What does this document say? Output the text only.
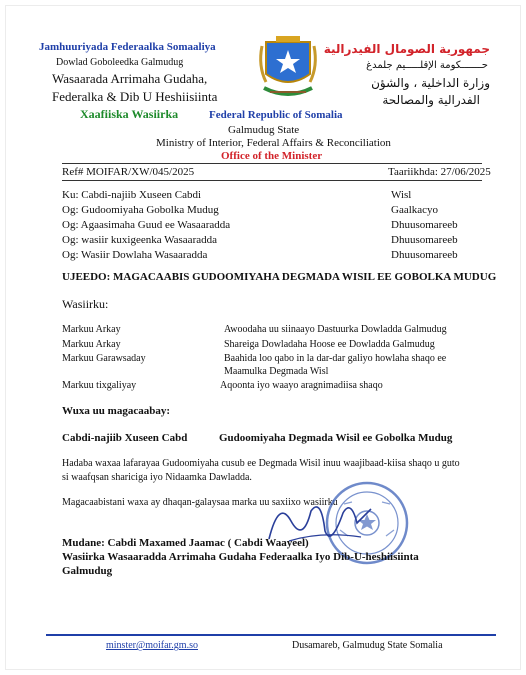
Jamhuuriyada Federaalka Somaaliya
Dowlad Goboleedka Galmudug
Wasaarada Arrimaha Gudaha,
Federalka & Dib U Heshiisiinta
Xaafiiska Wasiirka
جمهورية الصومال الفيدرالية
حـــــــكومة الإقلـــــيم جلمدغ
وزارة الداخلية ، والشؤن
الفدرالية والمصالحة
Federal Republic of Somalia
Galmudug State
Ministry of Interior, Federal Affairs & Reconciliation
Office of the Minister
Ref# MOIFAR/XW/045/2025	Taariikhda: 27/06/2025
Ku: Cabdi-najiib Xuseen Cabdi	Wisl
Og: Gudoomiyaha Gobolka Mudug	Gaalkacyo
Og: Agaasimaha Guud ee Wasaaradda	Dhuusomareeb
Og: wasiir kuxigeenka Wasaaradda	Dhuusomareeb
Og: Wasiir Dowlaha Wasaaradda	Dhuusomareeb
UJEEDO: MAGACAABIS GUDOOMIYAHA DEGMADA WISIL EE GOBOLKA MUDUG
Wasiirku:
Markuu Arkay	Awoodaha uu siinaayo Dastuurka Dowladda Galmudug
Markuu Arkay	Shareiga Dowladaha Hoose ee Dowladda Galmudug
Markuu Garawsaday	Baahida loo qabo in la dar-dar galiyo howlaha shaqo ee
Maamulka Degmada Wisl
Markuu tixgaliyay	Aqoonta iyo waayo aragnimadiisa shaqo
Wuxa uu magacaabay:
Cabdi-najiib Xuseen Cabd	Gudoomiyaha Degmada Wisil ee Gobolka Mudug
Hadaba waxaa lafarayaa Gudoomiyaha cusub ee Degmada Wisil inuu waajibaad-kiisa shaqo u guto
si waafqsan shariciga iyo Nidaamka Dawladda.
Magacaabistani waxa ay dhaqan-galaysaa marka uu saxiixo wasiirku
Mudane: Cabdi Maxamed Jaamac ( Cabdi Waayeel)
Wasiirka Wasaaradda Arrimaha Gudaha Federaalka Iyo Dib-U-heshiisiinta
Galmudug
minster@moifar.gm.so	Dusamareb, Galmudug State Somalia
